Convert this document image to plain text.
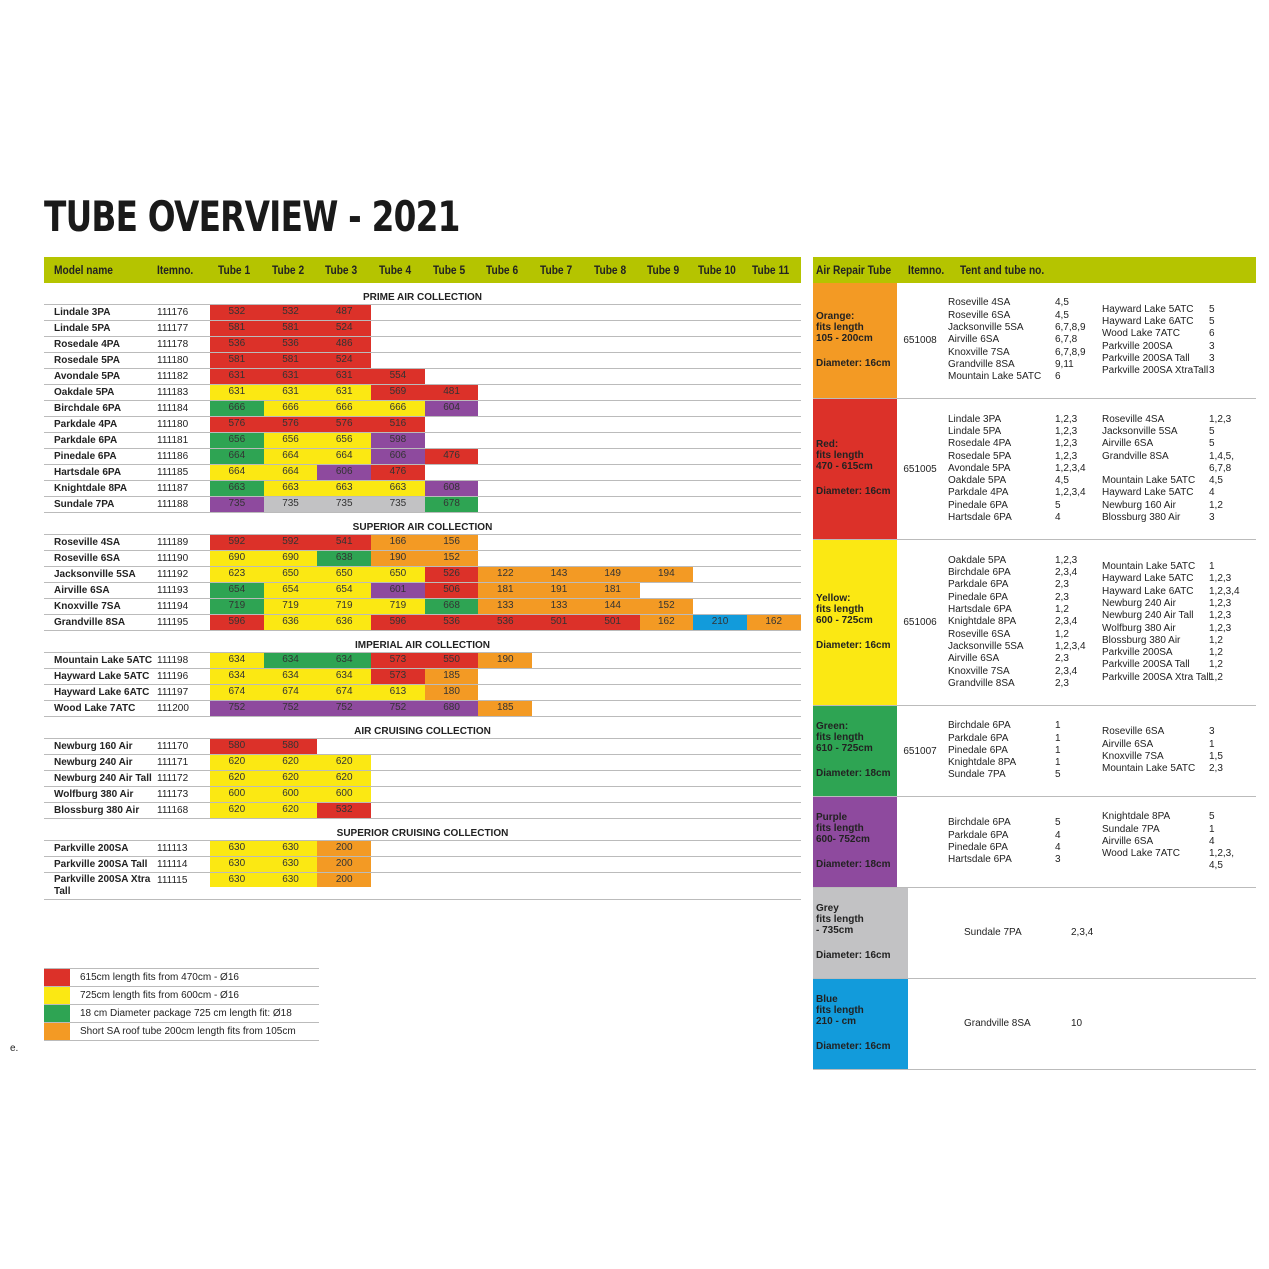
TUBE OVERVIEW - 2021
Model name	Itemno.	Tube 1	Tube 2	Tube 3	Tube 4	Tube 5	Tube 6	Tube 7	Tube 8	Tube 9	Tube 10	Tube 11
PRIME AIR COLLECTION
Lindale 3PA	111176	532	532	487
Lindale 5PA	111177	581	581	524
Rosedale 4PA	111178	536	536	486
Rosedale 5PA	111180	581	581	524
Avondale 5PA	111182	631	631	631	554
Oakdale 5PA	111183	631	631	631	569	481
Birchdale 6PA	111184	666	666	666	666	604
Parkdale 4PA	111180	576	576	576	516
Parkdale 6PA	111181	656	656	656	598
Pinedale 6PA	111186	664	664	664	606	476
Hartsdale 6PA	111185	664	664	606	476
Knightdale 8PA	111187	663	663	663	663	608
Sundale 7PA	111188	735	735	735	735	678
SUPERIOR AIR COLLECTION
Roseville 4SA	111189	592	592	541	166	156
Roseville 6SA	111190	690	690	638	190	152
Jacksonville 5SA	111192	623	650	650	650	526	122	143	149	194
Airville 6SA	111193	654	654	654	601	506	181	191	181
Knoxville 7SA	111194	719	719	719	719	668	133	133	144	152
Grandville 8SA	111195	596	636	636	596	536	536	501	501	162	210	162
IMPERIAL AIR COLLECTION
Mountain Lake 5ATC 111198	634	634	634	573	550	190
Hayward Lake 5ATC 111196	634	634	634	573	185
Hayward Lake 6ATC 111197	674	674	674	613	180
Wood Lake 7ATC	111200	752	752	752	752	680	185
AIR CRUISING COLLECTION
Newburg 160 Air	111170	580	580
Newburg 240 Air	111171	620	620	620
Newburg 240 Air Tall 111172	620	620	620
Wolfburg 380 Air	111173	600	600	600
Blossburg 380 Air	111168	620	620	532
SUPERIOR CRUISING COLLECTION
Parkville 200SA	111113	630	630	200
Parkville 200SA Tall 111114	630	630	200
Parkville 200SA Xtra Tall
111115	630	630	200
615cm length fits from 470cm - Ø16
725cm length fits from 600cm - Ø16
18 cm Diameter package 725 cm length fit: Ø18
Short SA roof tube 200cm length fits from 105cm
e.
Air Repair Tube	Itemno.	Tent and tube no.
Orange:
fits length
105 - 200cm
Diameter: 16cm
651008
Roseville 4SA	4,5
Roseville 6SA	4,5
Jacksonville 5SA	6,7,8,9
Airville 6SA	6,7,8
Knoxville 7SA	6,7,8,9
Grandville 8SA	9,11
Mountain Lake 5ATC	6
Hayward Lake 5ATC	5
Hayward Lake 6ATC	5
Wood Lake 7ATC	6
Parkville 200SA	3
Parkville 200SA Tall	3
Parkville 200SA XtraTall 3
Red:
fits length
470 - 615cm
Diameter: 16cm
651005
Lindale 3PA	1,2,3
Lindale 5PA	1,2,3
Rosedale 4PA	1,2,3
Rosedale 5PA	1,2,3
Avondale 5PA	1,2,3,4
Oakdale 5PA	4,5
Parkdale 4PA	1,2,3,4
Pinedale 6PA	5
Hartsdale 6PA	4
Roseville 4SA	1,2,3
Jacksonville 5SA	5
Airville 6SA	5
Grandville 8SA	1,4,5,
6,7,8
Mountain Lake 5ATC	4,5
Hayward Lake 5ATC	4
Newburg 160 Air	1,2
Blossburg 380 Air	3
Yellow:
fits length
600 - 725cm
Diameter: 16cm
651006
Oakdale 5PA	1,2,3
Birchdale 6PA	2,3,4
Parkdale 6PA	2,3
Pinedale 6PA	2,3
Hartsdale 6PA	1,2
Knightdale 8PA	2,3,4
Roseville 6SA	1,2
Jacksonville 5SA	1,2,3,4
Airville 6SA	2,3
Knoxville 7SA	2,3,4
Grandville 8SA	2,3
Mountain Lake 5ATC	1
Hayward Lake 5ATC	1,2,3
Hayward Lake 6ATC	1,2,3,4
Newburg 240 Air	1,2,3
Newburg 240 Air Tall	1,2,3
Wolfburg 380 Air	1,2,3
Blossburg 380 Air	1,2
Parkville 200SA	1,2
Parkville 200SA Tall	1,2
Parkville 200SA Xtra Tall
1,2
Green:
fits length
610 - 725cm
Diameter: 18cm
651007
Birchdale 6PA	1
Parkdale 6PA	1
Pinedale 6PA	1
Knightdale 8PA	1
Sundale 7PA	5
Roseville 6SA	3
Airville 6SA	1
Knoxville 7SA	1,5
Mountain Lake 5ATC	2,3
Purple
fits length
600- 752cm
Diameter: 18cm
Birchdale 6PA	5
Parkdale 6PA	4
Pinedale 6PA	4
Hartsdale 6PA	3
Knightdale 8PA	5
Sundale 7PA	1
Airville 6SA	4
Wood Lake 7ATC	1,2,3,
4,5
Grey
fits length
- 735cm
Diameter: 16cm
Sundale 7PA	2,3,4
Blue
fits length
210 - cm
Diameter: 16cm
Grandville 8SA	10
